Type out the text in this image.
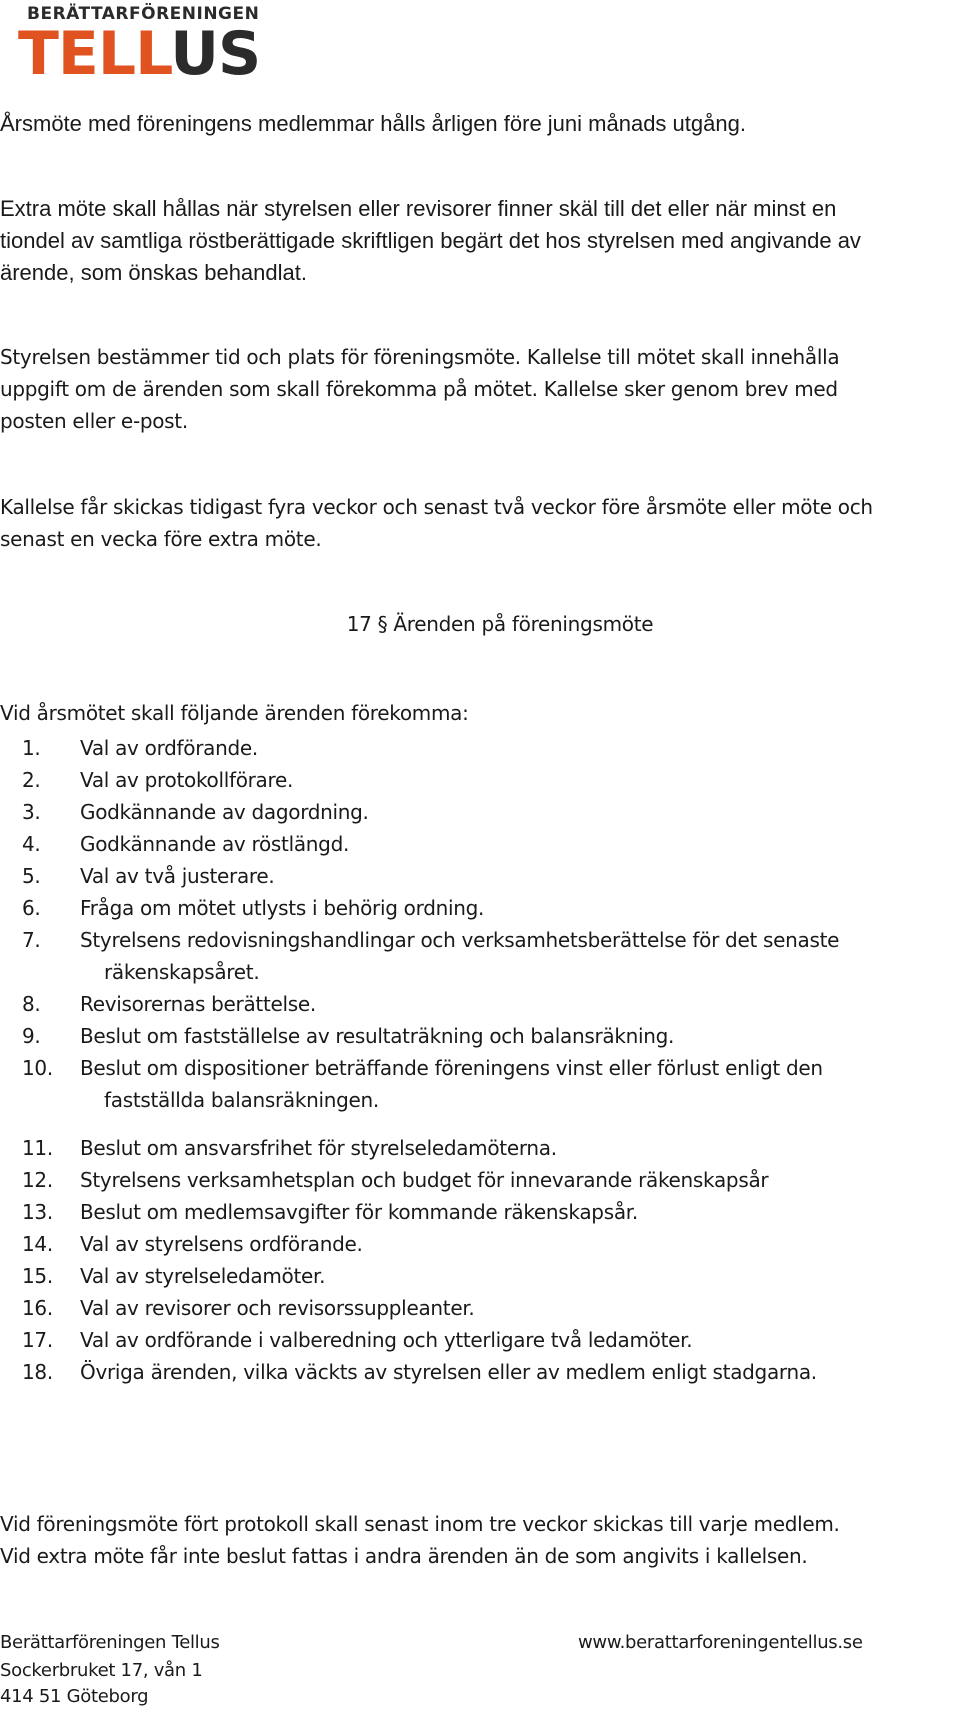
BERÄTTARFÖRENINGEN
TELLUS

Årsmöte med föreningens medlemmar hålls årligen före juni månads utgång.

Extra möte skall hållas när styrelsen eller revisorer finner skäl till det eller när minst en

tiondel av samtliga röstberättigade skriftligen begärt det hos styrelsen med angivande av

ärende, som önskas behandlat.

Styrelsen bestämmer tid och plats för föreningsmöte. Kallelse till mötet skall innehålla

uppgift om de ärenden som skall förekomma på mötet. Kallelse sker genom brev med

posten eller e-post.

Kallelse får skickas tidigast fyra veckor och senast två veckor före årsmöte eller möte och

senast en vecka före extra möte.

17 § Ärenden på föreningsmöte

Vid årsmötet skall följande ärenden förekomma:

1.	Val av ordförande.
2.	Val av protokollförare.
3.	Godkännande av dagordning.
4.	Godkännande av röstlängd.
5.	Val av två justerare.
6.	Fråga om mötet utlysts i behörig ordning.
7.	Styrelsens redovisningshandlingar och verksamhetsberättelse för det senaste
räkenskapsåret.
8.	Revisorernas berättelse.
9.	Beslut om fastställelse av resultaträkning och balansräkning.
10.	Beslut om dispositioner beträffande föreningens vinst eller förlust enligt den
fastställda balansräkningen.
11.	Beslut om ansvarsfrihet för styrelseledamöterna.
12.	Styrelsens verksamhetsplan och budget för innevarande räkenskapsår
13.	Beslut om medlemsavgifter för kommande räkenskapsår.
14.	Val av styrelsens ordförande.
15.	Val av styrelseledamöter.
16.	Val av revisorer och revisorssuppleanter.
17.	Val av ordförande i valberedning och ytterligare två ledamöter.
18.	Övriga ärenden, vilka väckts av styrelsen eller av medlem enligt stadgarna.

Vid föreningsmöte fört protokoll skall senast inom tre veckor skickas till varje medlem.

Vid extra möte får inte beslut fattas i andra ärenden än de som angivits i kallelsen.

Berättarföreningen Tellus
Sockerbruket 17, vån 1
414 51 Göteborg
www.berattarforeningentellus.se
